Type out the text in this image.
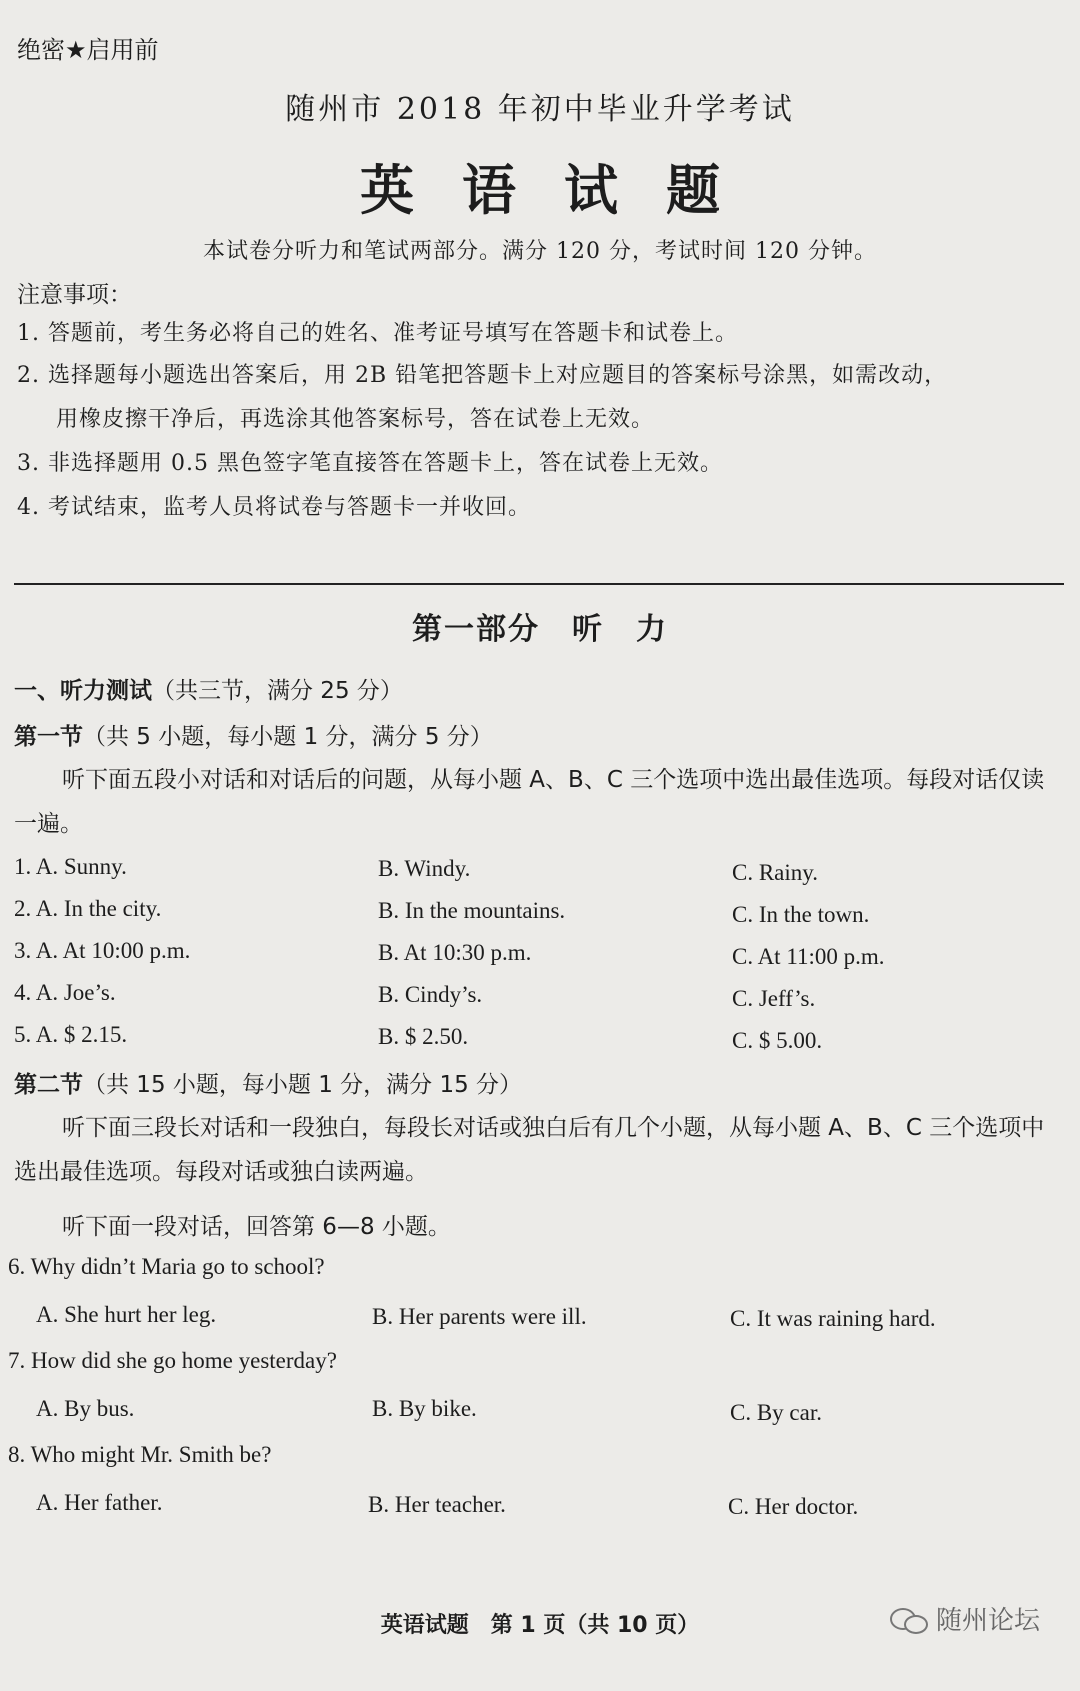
绝密★启用前
随州市 2018 年初中毕业升学考试
英语试题
本试卷分听力和笔试两部分。满分 120 分，考试时间 120 分钟。
注意事项：
1. 答题前，考生务必将自己的姓名、准考证号填写在答题卡和试卷上。
2. 选择题每小题选出答案后，用 2B 铅笔把答题卡上对应题目的答案标号涂黑，如需改动，
用橡皮擦干净后，再选涂其他答案标号，答在试卷上无效。
3. 非选择题用 0.5 黑色签字笔直接答在答题卡上，答在试卷上无效。
4. 考试结束，监考人员将试卷与答题卡一并收回。
第一部分　听　力
一、听力测试（共三节，满分 25 分）
第一节（共 5 小题，每小题 1 分，满分 5 分）
听下面五段小对话和对话后的问题，从每小题 A、B、C 三个选项中选出最佳选项。每段对话仅读一遍。
1. A. Sunny.	B. Windy.	C. Rainy.
2. A. In the city.	B. In the mountains.	C. In the town.
3. A. At 10:00 p.m.	B. At 10:30 p.m.	C. At 11:00 p.m.
4. A. Joe’s.	B. Cindy’s.	C. Jeff’s.
5. A. $ 2.15.	B. $ 2.50.	C. $ 5.00.
第二节（共 15 小题，每小题 1 分，满分 15 分）
听下面三段长对话和一段独白，每段长对话或独白后有几个小题，从每小题 A、B、C 三个选项中选出最佳选项。每段对话或独白读两遍。
听下面一段对话，回答第 6—8 小题。
6. Why didn’t Maria go to school?
A. She hurt her leg.	B. Her parents were ill.	C. It was raining hard.
7. How did she go home yesterday?
A. By bus.	B. By bike.	C. By car.
8. Who might Mr. Smith be?
A. Her father.	B. Her teacher.	C. Her doctor.
英语试题　第 1 页（共 10 页）	随州论坛
